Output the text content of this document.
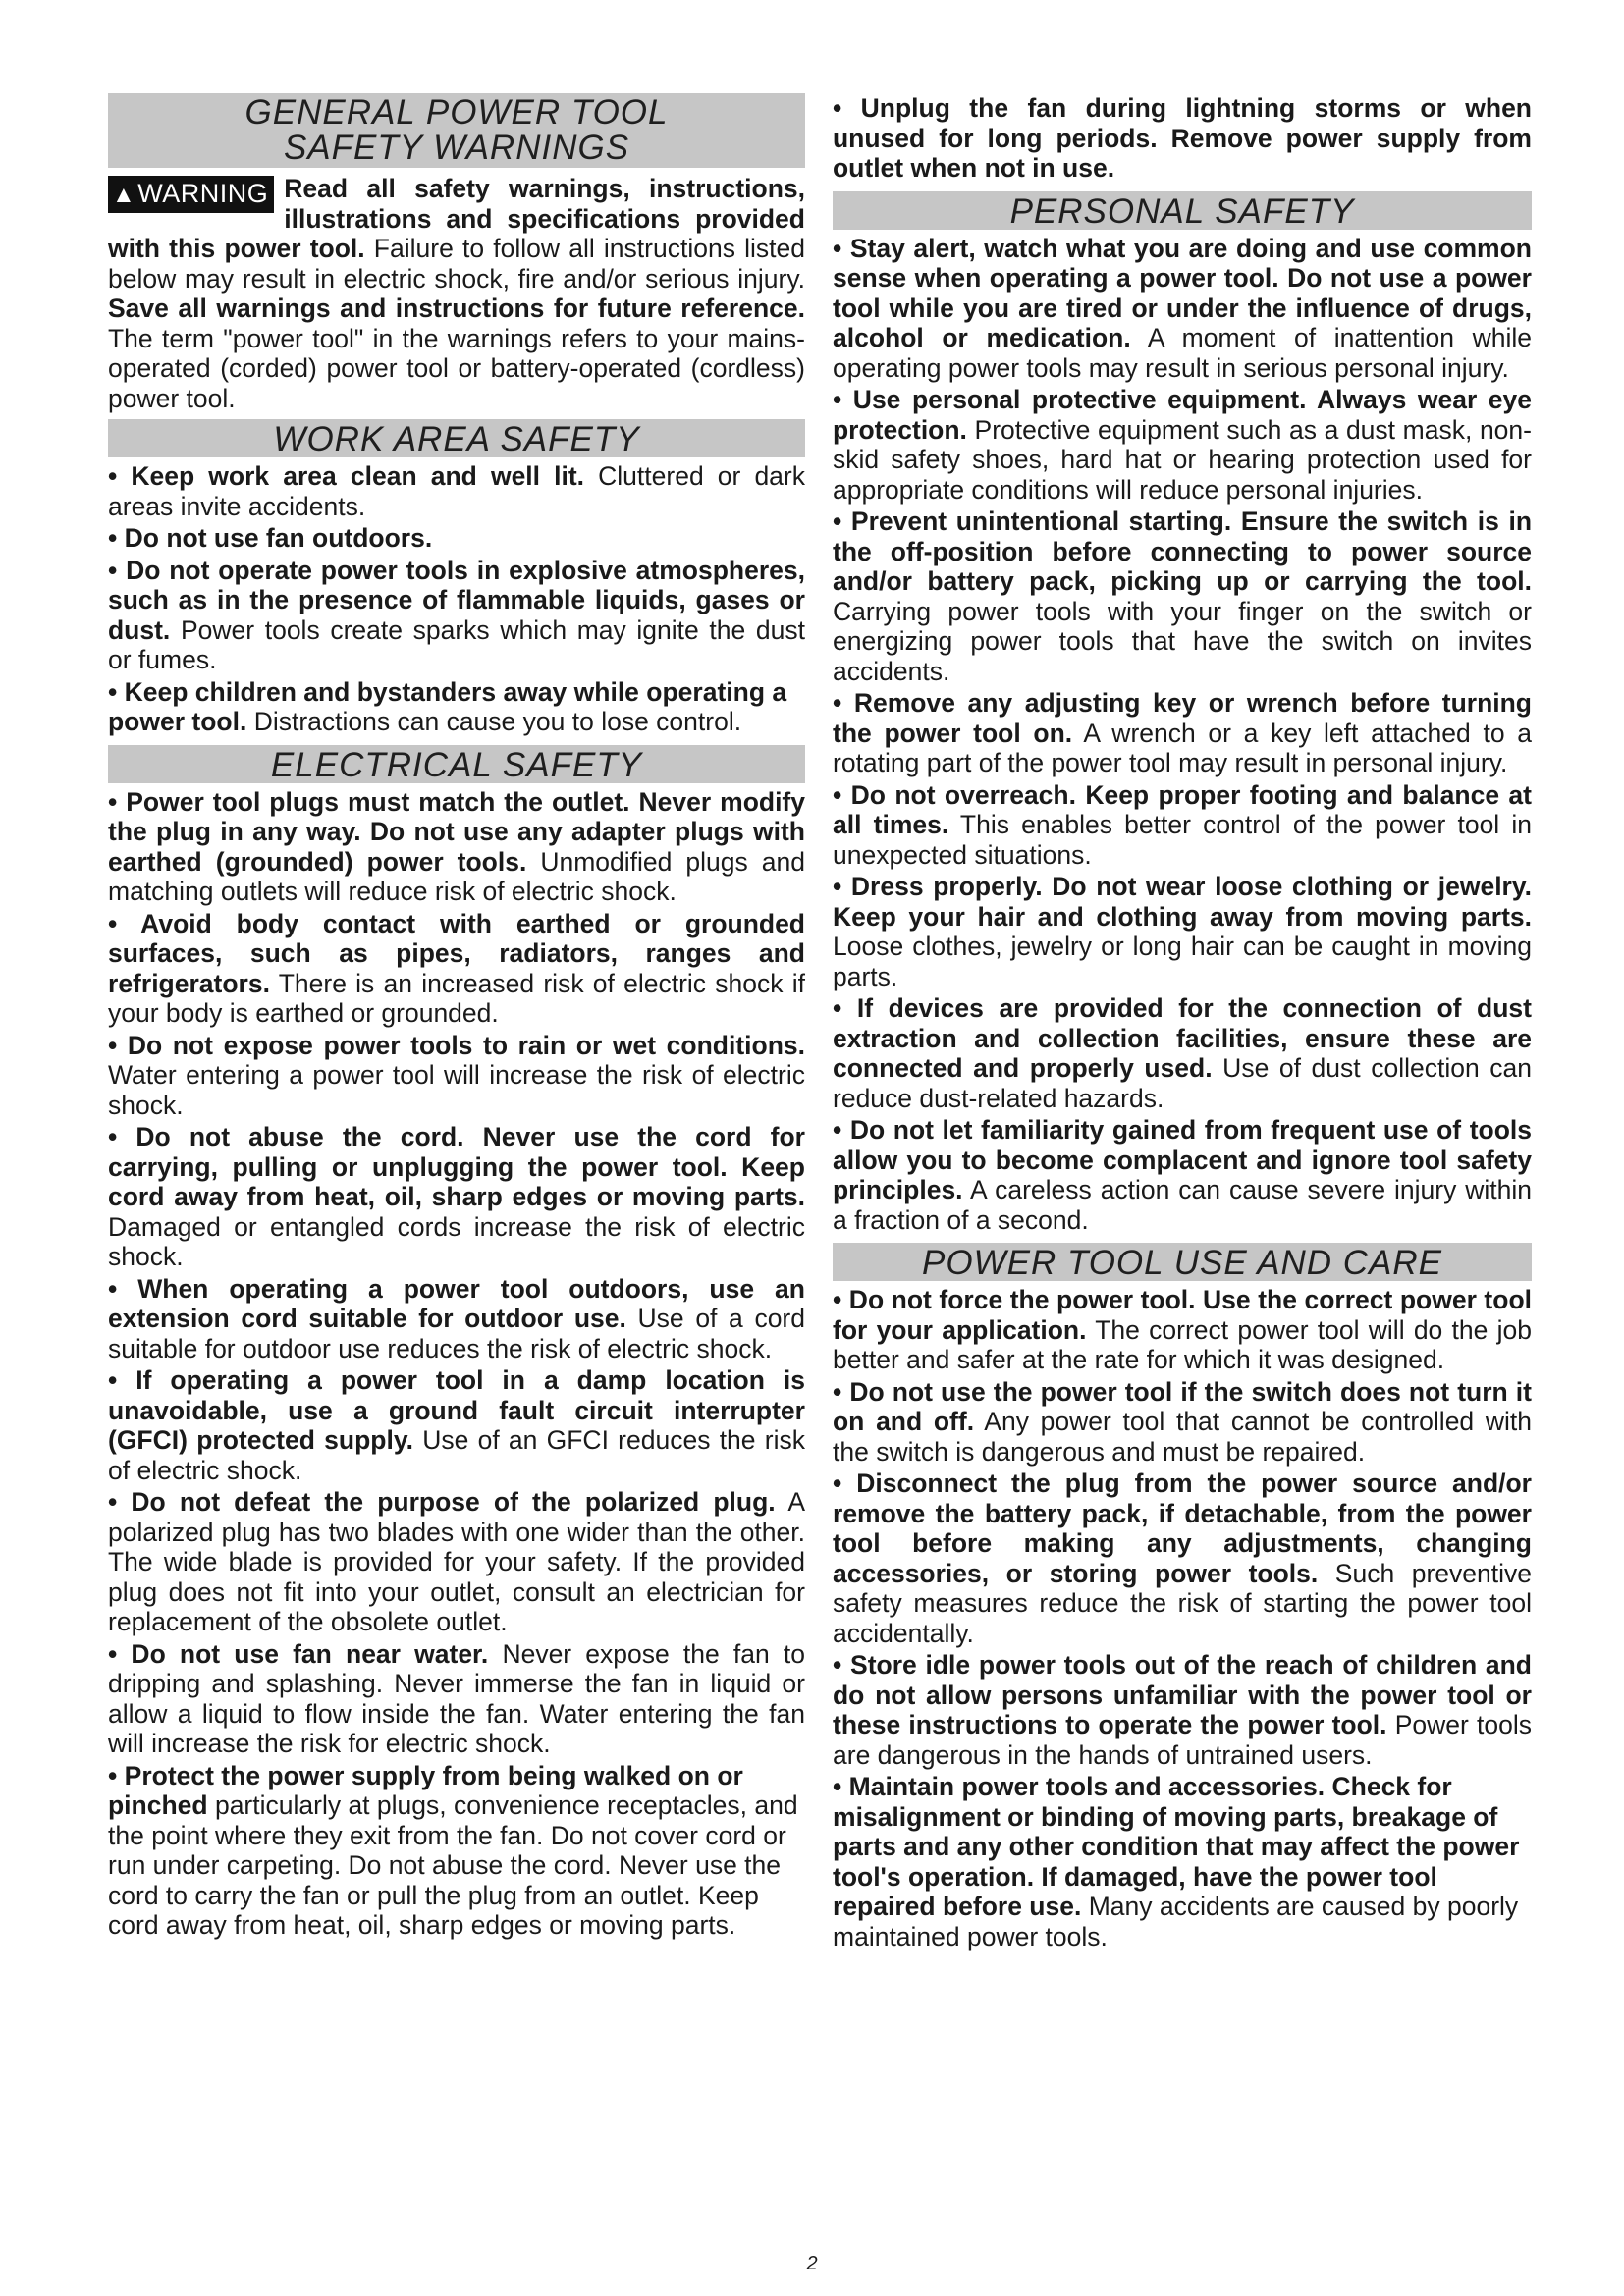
GENERAL POWER TOOL
SAFETY WARNINGS
▲WARNING Read all safety warnings, instructions, illustrations and specifications provided with this power tool. Failure to follow all instructions listed below may result in electric shock, fire and/or serious injury. Save all warnings and instructions for future reference. The term "power tool" in the warnings refers to your mains-operated (corded) power tool or battery-operated (cordless) power tool.

WORK AREA SAFETY

• Keep work area clean and well lit. Cluttered or dark areas invite accidents.

• Do not use fan outdoors.

• Do not operate power tools in explosive atmospheres, such as in the presence of flammable liquids, gases or dust. Power tools create sparks which may ignite the dust or fumes.

• Keep children and bystanders away while operating a power tool. Distractions can cause you to lose control.

ELECTRICAL SAFETY

• Power tool plugs must match the outlet. Never modify the plug in any way. Do not use any adapter plugs with earthed (grounded) power tools. Unmodified plugs and matching outlets will reduce risk of electric shock.

• Avoid body contact with earthed or grounded surfaces, such as pipes, radiators, ranges and refrigerators. There is an increased risk of electric shock if your body is earthed or grounded.

• Do not expose power tools to rain or wet conditions. Water entering a power tool will increase the risk of electric shock.

• Do not abuse the cord. Never use the cord for carrying, pulling or unplugging the power tool. Keep cord away from heat, oil, sharp edges or moving parts. Damaged or entangled cords increase the risk of electric shock.

• When operating a power tool outdoors, use an extension cord suitable for outdoor use. Use of a cord suitable for outdoor use reduces the risk of electric shock.

• If operating a power tool in a damp location is unavoidable, use a ground fault circuit interrupter (GFCI) protected supply. Use of an GFCI reduces the risk of electric shock.

• Do not defeat the purpose of the polarized plug. A polarized plug has two blades with one wider than the other. The wide blade is provided for your safety. If the provided plug does not fit into your outlet, consult an electrician for replacement of the obsolete outlet.

• Do not use fan near water. Never expose the fan to dripping and splashing. Never immerse the fan in liquid or allow a liquid to flow inside the fan. Water entering the fan will increase the risk for electric shock.

• Protect the power supply from being walked on or pinched particularly at plugs, convenience receptacles, and the point where they exit from the fan. Do not cover cord or run under carpeting. Do not abuse the cord. Never use the cord to carry the fan or pull the plug from an outlet. Keep cord away from heat, oil, sharp edges or moving parts.

• Unplug the fan during lightning storms or when unused for long periods. Remove power supply from outlet when not in use.

PERSONAL SAFETY

• Stay alert, watch what you are doing and use common sense when operating a power tool. Do not use a power tool while you are tired or under the influence of drugs, alcohol or medication. A moment of inattention while operating power tools may result in serious personal injury.

• Use personal protective equipment. Always wear eye protection. Protective equipment such as a dust mask, non-skid safety shoes, hard hat or hearing protection used for appropriate conditions will reduce personal injuries.

• Prevent unintentional starting. Ensure the switch is in the off-position before connecting to power source and/or battery pack, picking up or carrying the tool. Carrying power tools with your finger on the switch or energizing power tools that have the switch on invites accidents.

• Remove any adjusting key or wrench before turning the power tool on. A wrench or a key left attached to a rotating part of the power tool may result in personal injury.

• Do not overreach. Keep proper footing and balance at all times. This enables better control of the power tool in unexpected situations.

• Dress properly. Do not wear loose clothing or jewelry. Keep your hair and clothing away from moving parts. Loose clothes, jewelry or long hair can be caught in moving parts.

• If devices are provided for the connection of dust extraction and collection facilities, ensure these are connected and properly used. Use of dust collection can reduce dust-related hazards.

• Do not let familiarity gained from frequent use of tools allow you to become complacent and ignore tool safety principles. A careless action can cause severe injury within a fraction of a second.

POWER TOOL USE AND CARE

• Do not force the power tool. Use the correct power tool for your application. The correct power tool will do the job better and safer at the rate for which it was designed.

• Do not use the power tool if the switch does not turn it on and off. Any power tool that cannot be controlled with the switch is dangerous and must be repaired.

• Disconnect the plug from the power source and/or remove the battery pack, if detachable, from the power tool before making any adjustments, changing accessories, or storing power tools. Such preventive safety measures reduce the risk of starting the power tool accidentally.

• Store idle power tools out of the reach of children and do not allow persons unfamiliar with the power tool or these instructions to operate the power tool. Power tools are dangerous in the hands of untrained users.

• Maintain power tools and accessories. Check for misalignment or binding of moving parts, breakage of parts and any other condition that may affect the power tool's operation. If damaged, have the power tool repaired before use. Many accidents are caused by poorly maintained power tools.

2
